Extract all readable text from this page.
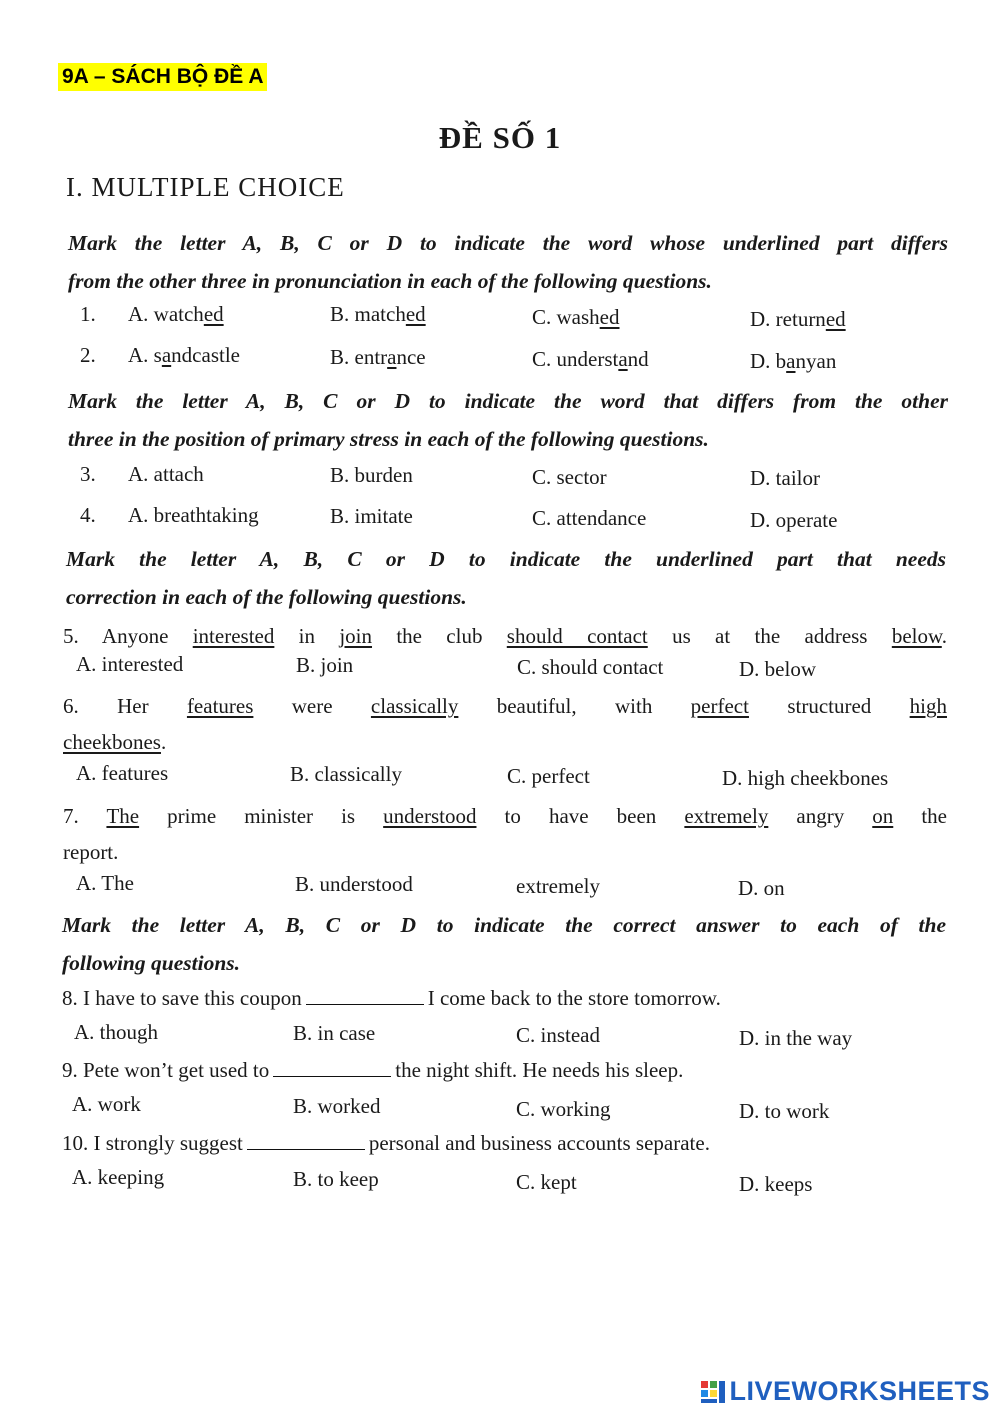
9A – SÁCH BỘ ĐỀ A
ĐỀ SỐ 1
I. MULTIPLE CHOICE
Mark the letter A, B, C or D to indicate the word whose underlined part differs
from the other three in pronunciation in each of the following questions.
1. A. watched	B. matched	C. washed	D. returned
2. A. sandcastle	B. entrance	C. understand	D. banyan
Mark the letter A, B, C or D to indicate the word that differs from the other
three in the position of primary stress in each of the following questions.
3. A. attach	B. burden	C. sector	D. tailor
4. A. breathtaking	B. imitate	C. attendance	D. operate
Mark the letter A, B, C or D to indicate the underlined part that needs
correction in each of the following questions.
5. Anyone interested in join the club should contact us at the address below.
A. interested	B. join	C. should contact	D. below
6. Her features were classically beautiful, with perfect structured high
cheekbones.
A. features	B. classically	C. perfect	D. high cheekbones
7. The prime minister is understood to have been extremely angry on the
report.
A. The	B. understood	extremely	D. on
Mark the letter A, B, C or D to indicate the correct answer to each of the
following questions.
8. I have to save this coupon	I come back to the store tomorrow.
A. though	B. in case	C. instead	D. in the way
9. Pete won’t get used to	the night shift. He needs his sleep.
A. work	B. worked	C. working	D. to work
10. I strongly suggest	personal and business accounts separate.
A. keeping	B. to keep	C. kept	D. keeps
LIVEWORKSHEETS
